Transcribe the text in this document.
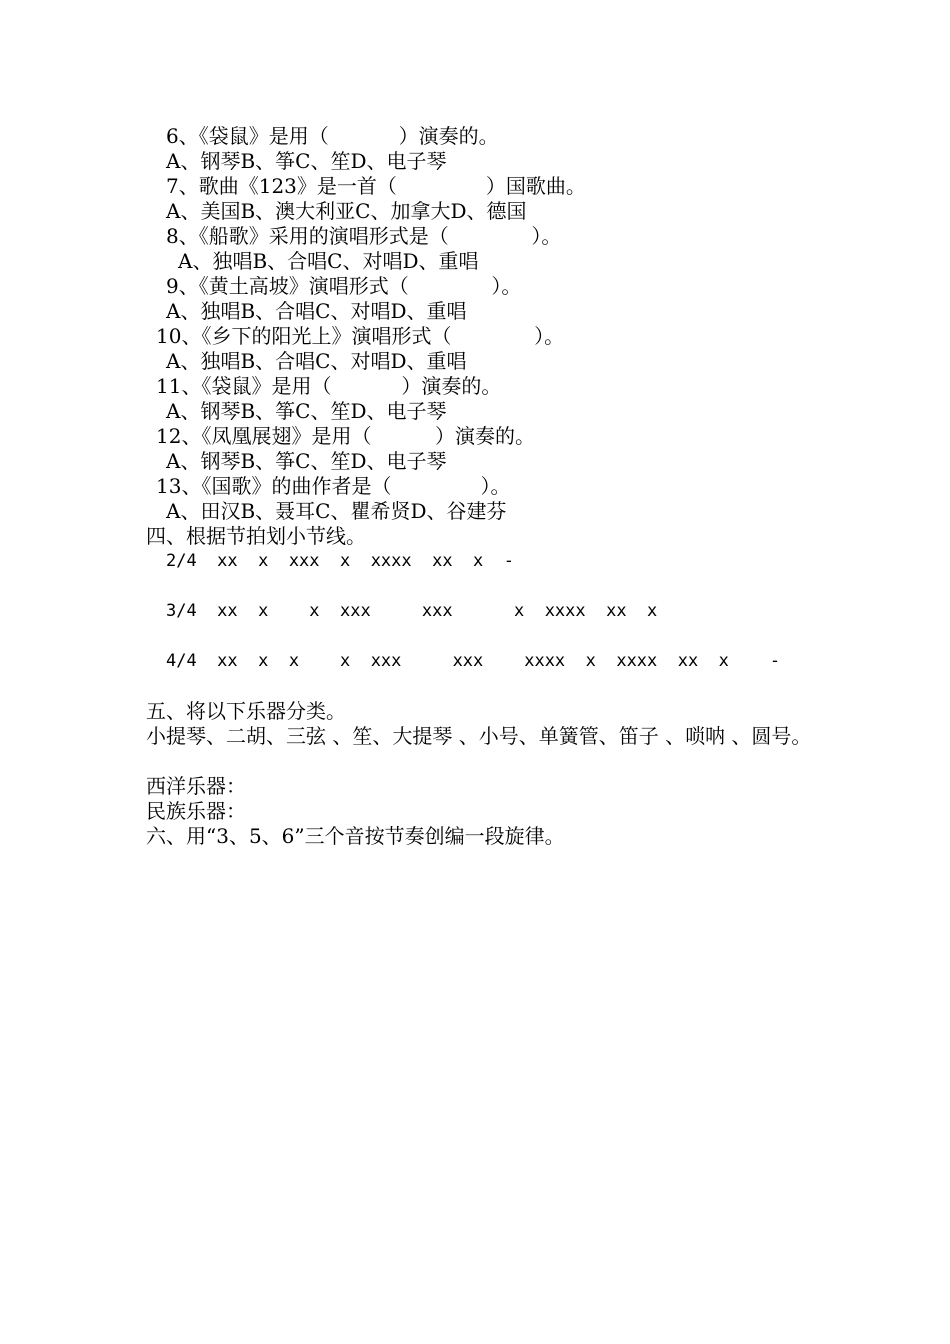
6、《袋鼠》是用（           ）演奏的。

A、钢琴B、筝C、笙D、电子琴

7、歌曲《123》是一首（              ）国歌曲。

A、美国B、澳大利亚C、加拿大D、德国

8、《船歌》采用的演唱形式是（             ）。

A、独唱B、合唱C、对唱D、重唱

9、《黄土高坡》演唱形式（             ）。

A、独唱B、合唱C、对唱D、重唱

10、《乡下的阳光上》演唱形式（             ）。

A、独唱B、合唱C、对唱D、重唱

11、《袋鼠》是用（           ）演奏的。

A、钢琴B、筝C、笙D、电子琴

12、《凤凰展翅》是用（          ）演奏的。

A、钢琴B、筝C、笙D、电子琴

13、《国歌》的曲作者是（              ）。

A、田汉B、聂耳C、瞿希贤D、谷建芬

四、根据节拍划小节线。

2/4  xx  x  xxx  x  xxxx  xx  x  -

3/4  xx  x    x  xxx     xxx      x  xxxx  xx  x

4/4  xx  x  x    x  xxx     xxx    xxxx  x  xxxx  xx  x    -

五、将以下乐器分类。

小提琴、二胡、三弦 、笙、大提琴 、小号、单簧管、笛子 、唢呐 、圆号。

西洋乐器：

民族乐器：

六、用“3、5、6”三个音按节奏创编一段旋律。
